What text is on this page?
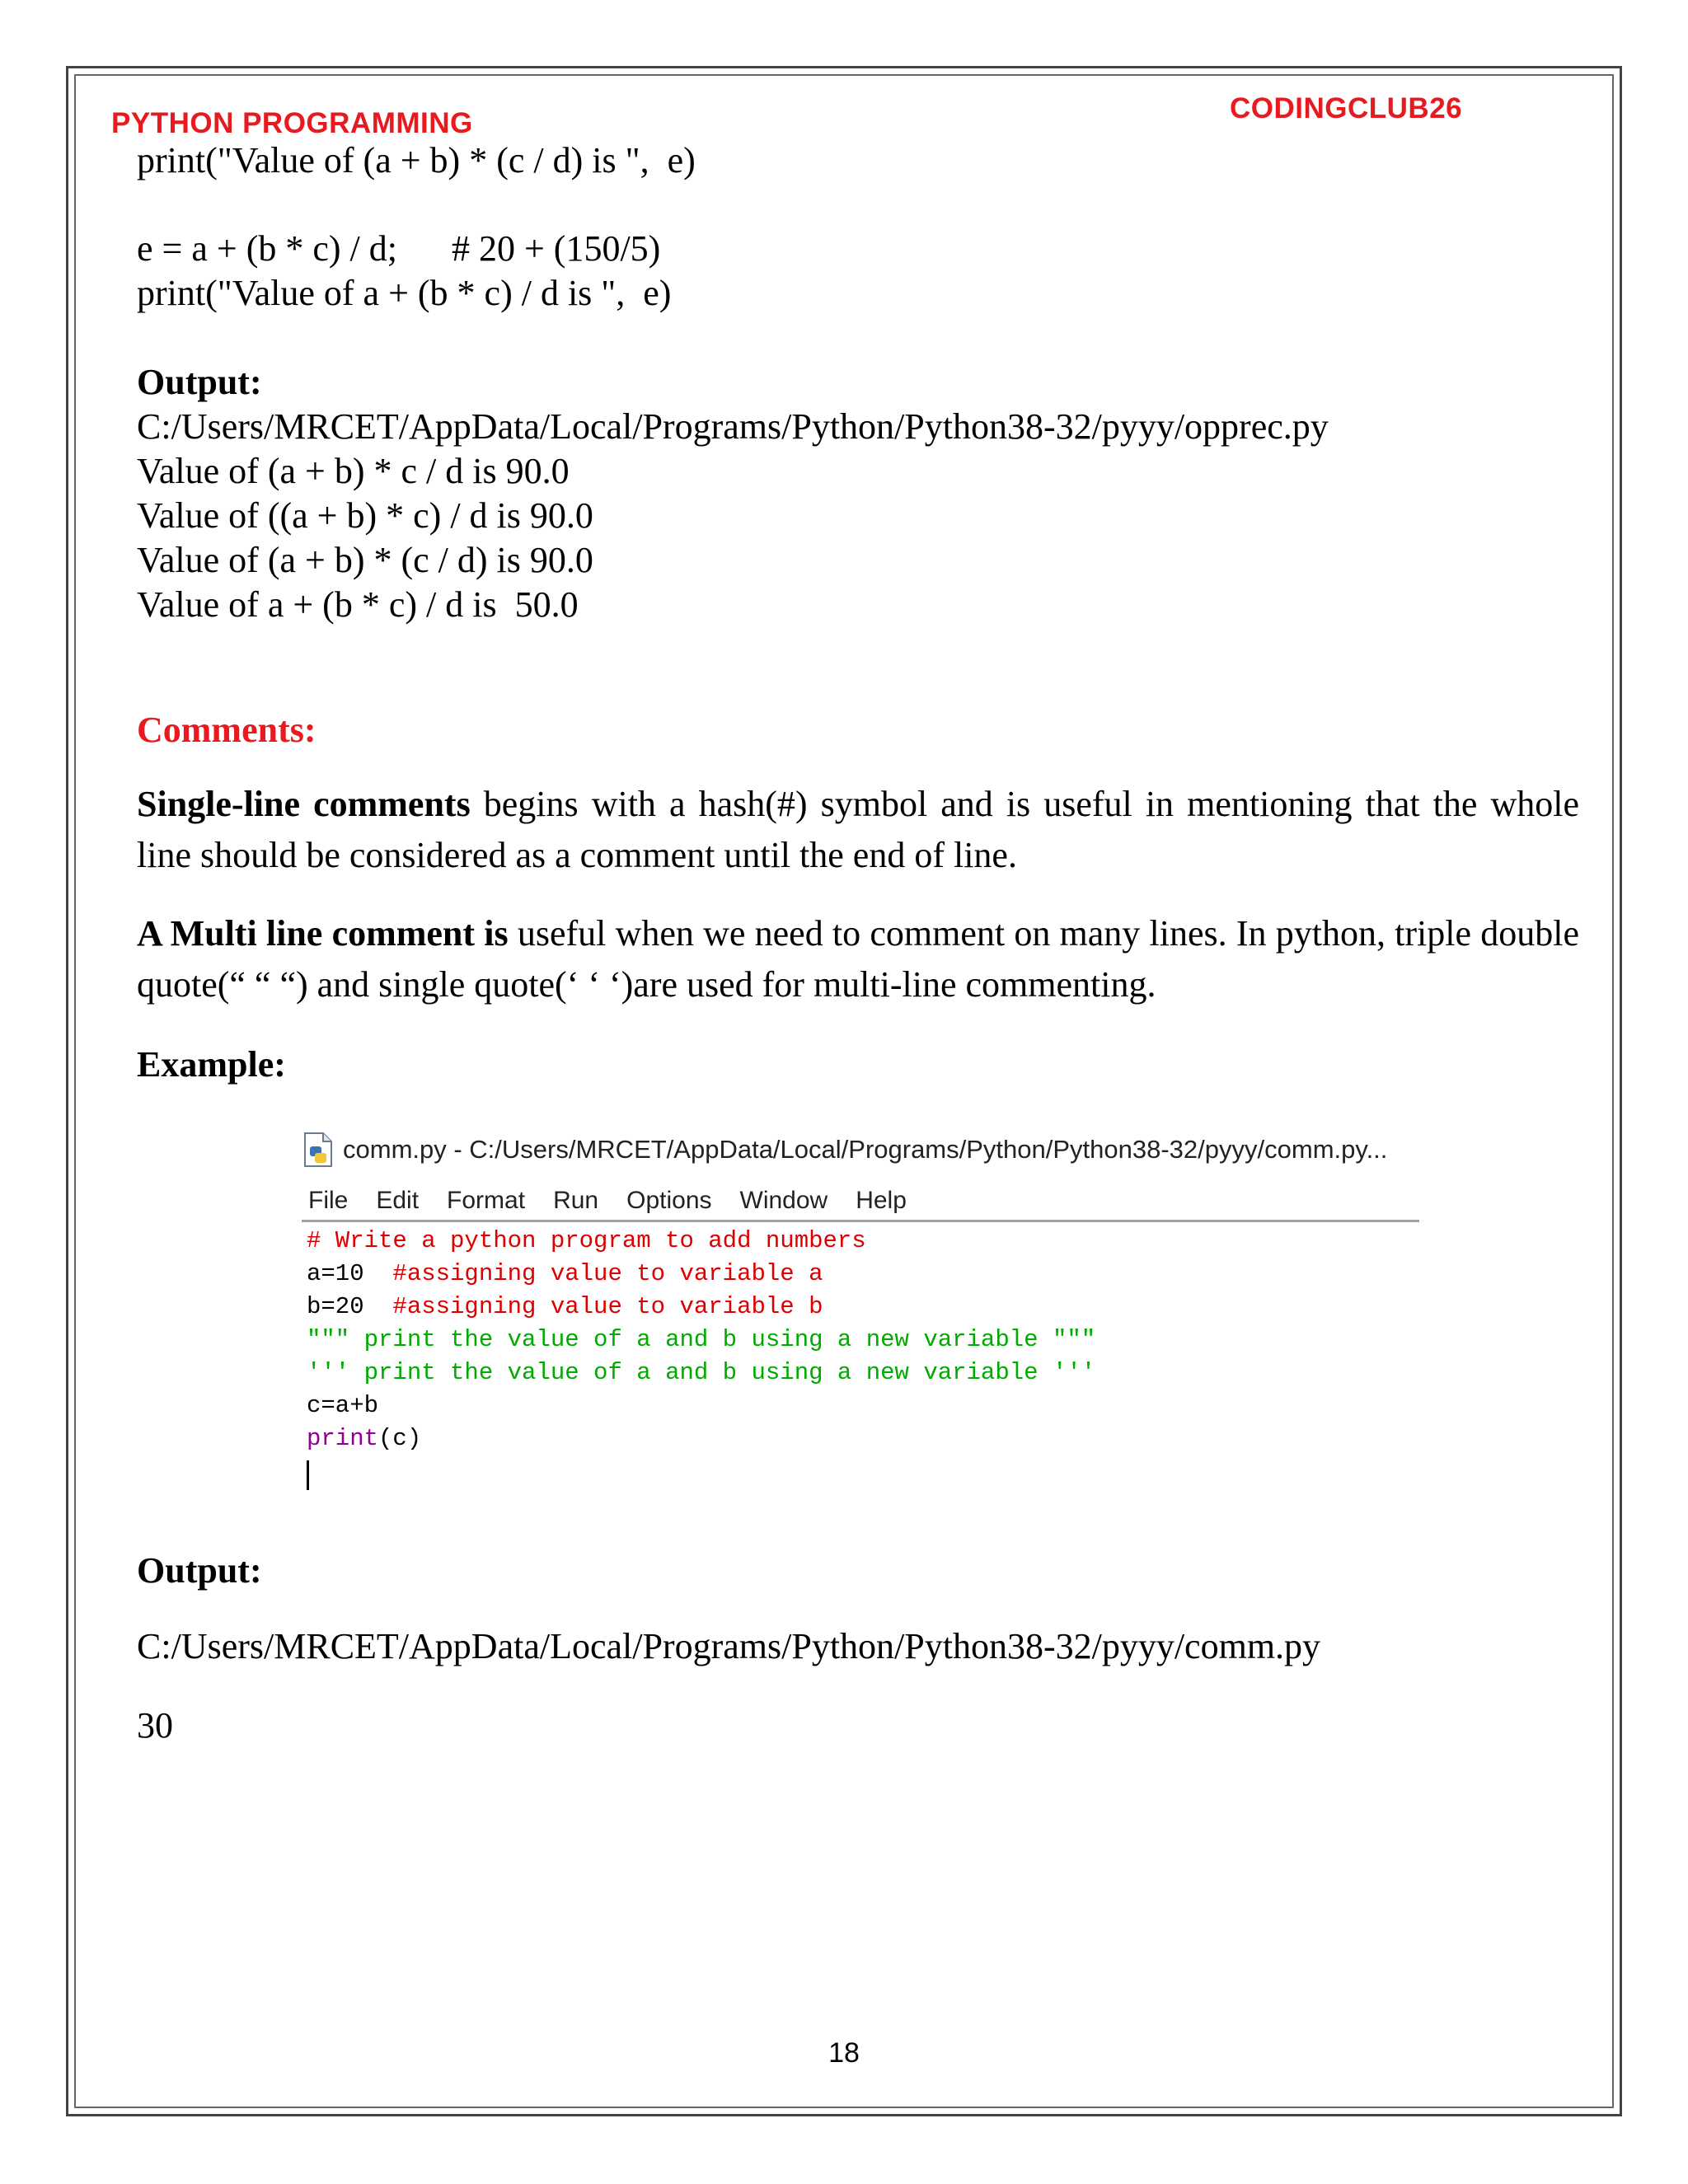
PYTHON PROGRAMMING	CODINGCLUB26
print("Value of (a + b) * (c / d) is ",  e)
e = a + (b * c) / d;      # 20 + (150/5)
print("Value of a + (b * c) / d is ",  e)
Output:
C:/Users/MRCET/AppData/Local/Programs/Python/Python38-32/pyyy/opprec.py
Value of (a + b) * c / d is 90.0
Value of ((a + b) * c) / d is 90.0
Value of (a + b) * (c / d) is 90.0
Value of a + (b * c) / d is  50.0
Comments:
Single-line comments begins with a hash(#) symbol and is useful in mentioning that the whole line should be considered as a comment until the end of line.
A Multi line comment is useful when we need to comment on many lines. In python, triple double quote(“ “ “) and single quote(‘ ‘ ‘)are used for multi-line commenting.
Example:
comm.py - C:/Users/MRCET/AppData/Local/Programs/Python/Python38-32/pyyy/comm.py...
File Edit Format Run Options Window Help
# Write a python program to add numbers
a=10  #assigning value to variable a
b=20  #assigning value to variable b
""" print the value of a and b using a new variable """
''' print the value of a and b using a new variable '''
c=a+b
print(c)
Output:
C:/Users/MRCET/AppData/Local/Programs/Python/Python38-32/pyyy/comm.py
30
18
